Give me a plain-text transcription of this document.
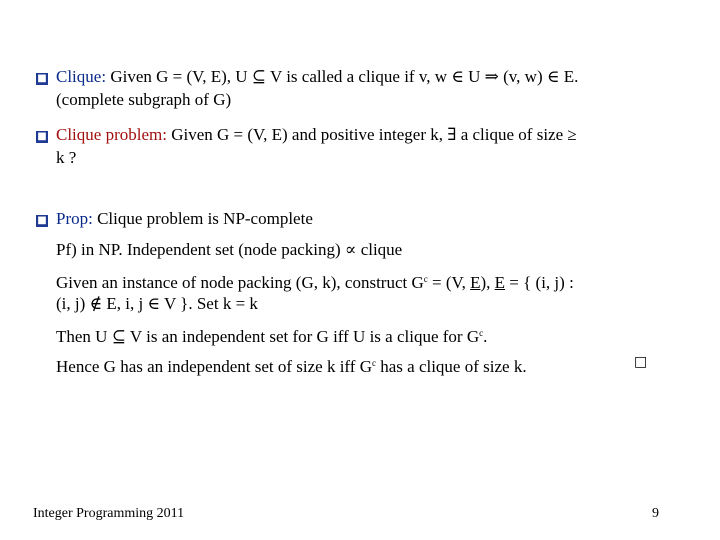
■ Clique: Given G = (V, E), U ⊆ V is called a clique if v, w ∈ U ⇒ (v, w) ∈ E.
(complete subgraph of G)
■ Clique problem: Given G = (V, E) and positive integer k, ∃ a clique of size ≥
k ?
■ Prop: Clique problem is NP-complete
Pf) in NP. Independent set (node packing) ∝ clique
Given an instance of node packing (G, k), construct $G^c = (V$, E), E = { (i, j) :
(i, j) ∉ E, i, j ∈ V }. Set k = k
Then U ⊆ V is an independent set for G iff U is a clique for $G^c$.
Hence G has an independent set of size k iff $G^c$ has a clique of size k.	□
Integer Programming 2011	9
